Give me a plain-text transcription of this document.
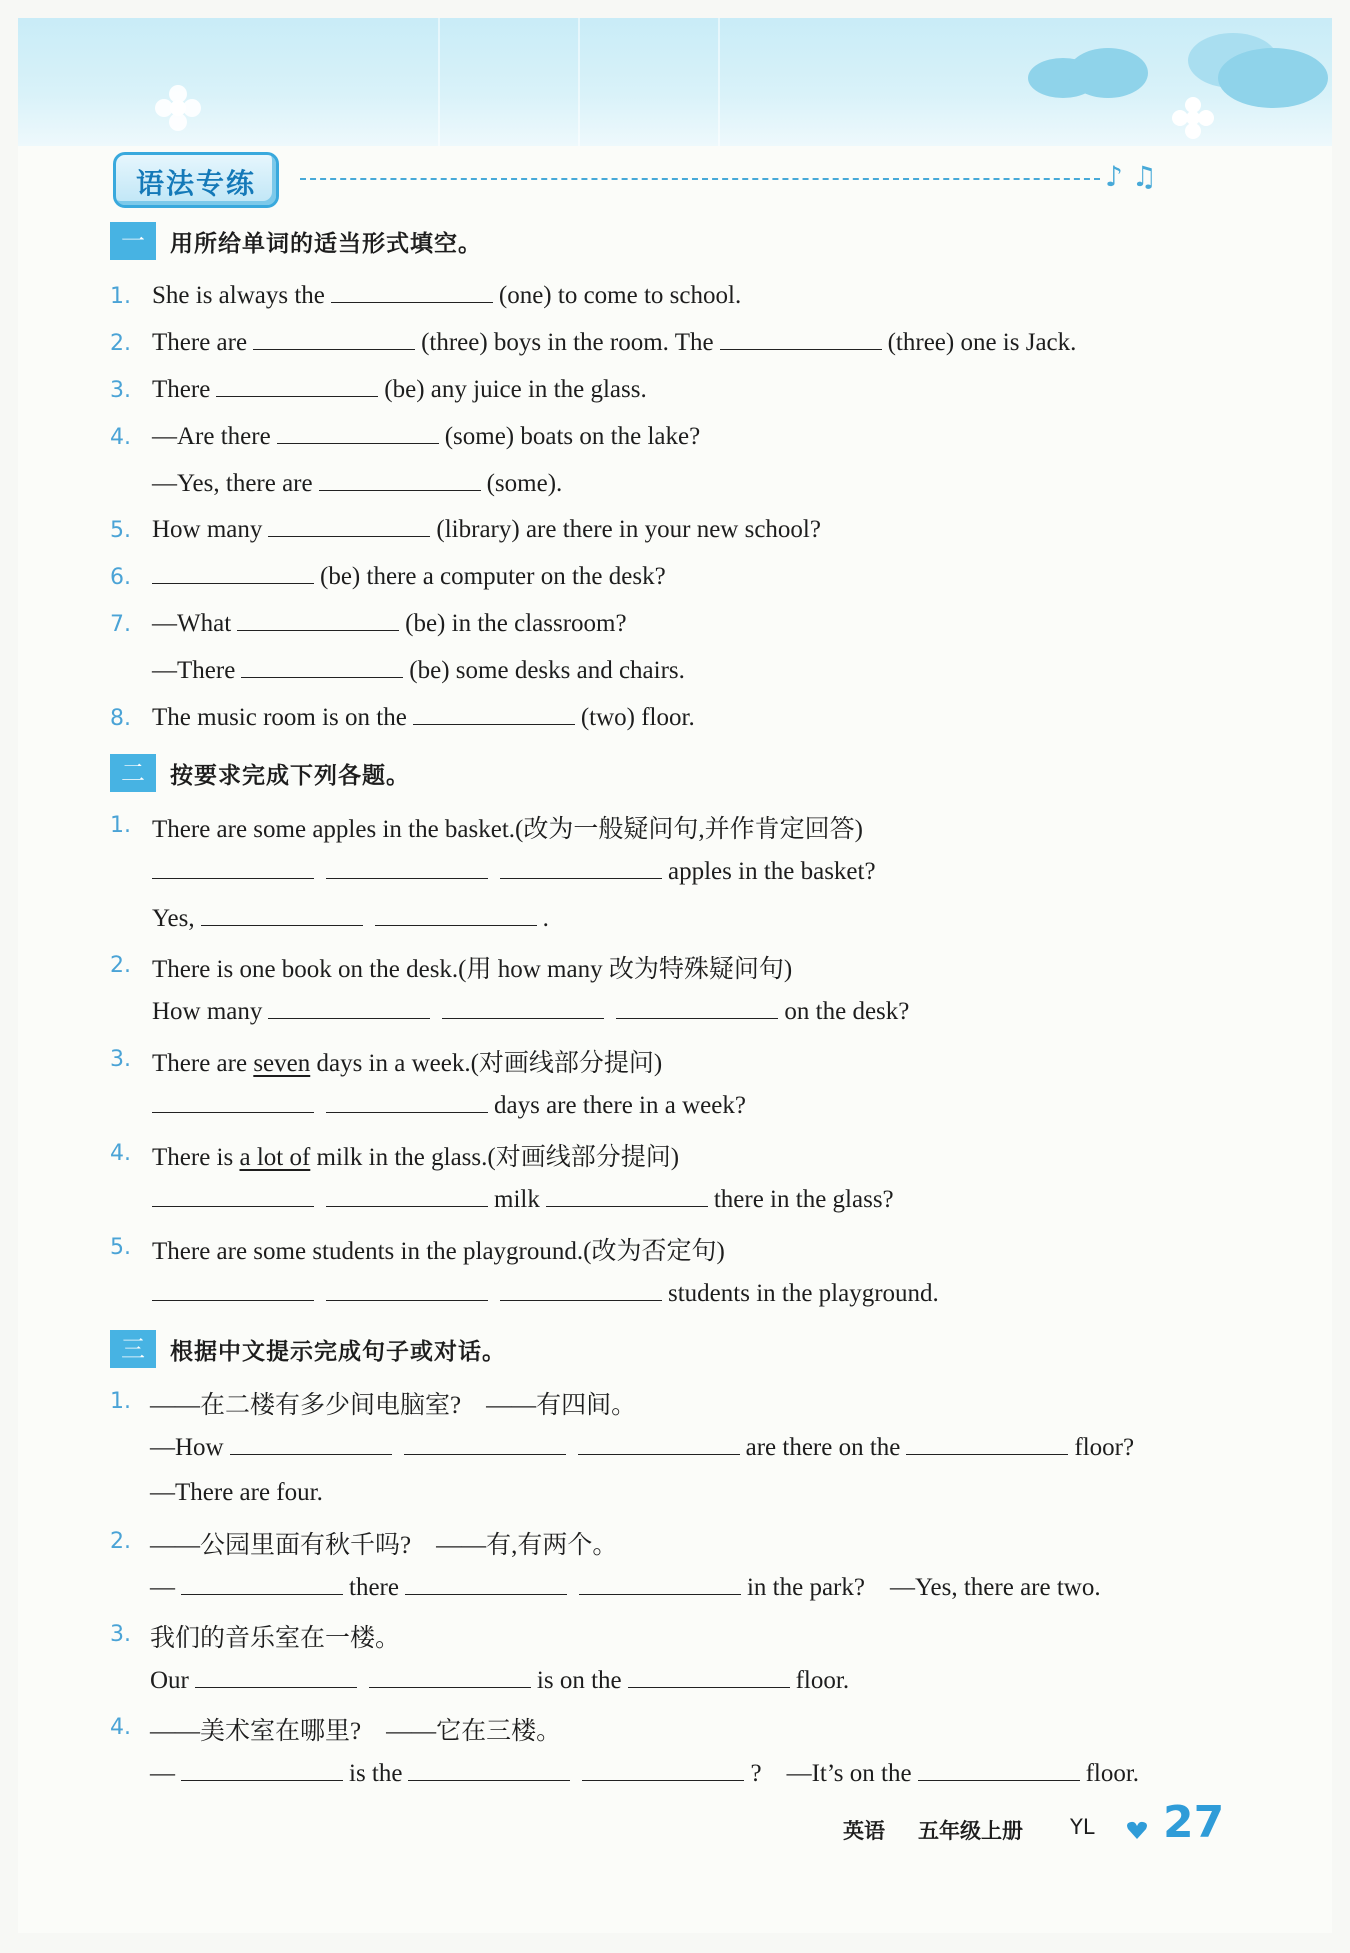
语法专练	♪ ♫
一	用所给单词的适当形式填空。
1. She is always the	(one) to come to school.
2. There are	(three) boys in the room. The	(three) one is Jack.
3. There	(be) any juice in the glass.
4. —Are there	(some) boats on the lake?
—Yes, there are	(some).
5. How many	(library) are there in your new school?
6.	(be) there a computer on the desk?
7. —What	(be) in the classroom?
—There	(be) some desks and chairs.
8. The music room is on the	(two) floor.
二	按要求完成下列各题。
1. There are some apples in the basket.(改为一般疑问句,并作肯定回答)
apples in the basket?
Yes,	.
2. There is one book on the desk.(用 how many 改为特殊疑问句)
How many	on the desk?
3. There are seven days in a week.(对画线部分提问)
days are there in a week?
4. There is a lot of milk in the glass.(对画线部分提问)
milk	there in the glass?
5. There are some students in the playground.(改为否定句)
students in the playground.
三	根据中文提示完成句子或对话。
1. ——在二楼有多少间电脑室? ——有四间。
—How	are there on the	floor?
—There are four.
2. ——公园里面有秋千吗? ——有,有两个。
—	there	in the park? —Yes, there are two.
3. 我们的音乐室在一楼。
Our	is on the	floor.
4. ——美术室在哪里? ——它在三楼。
—	is the	? —It’s on the	floor.
英语 五年级上册 YL 27
